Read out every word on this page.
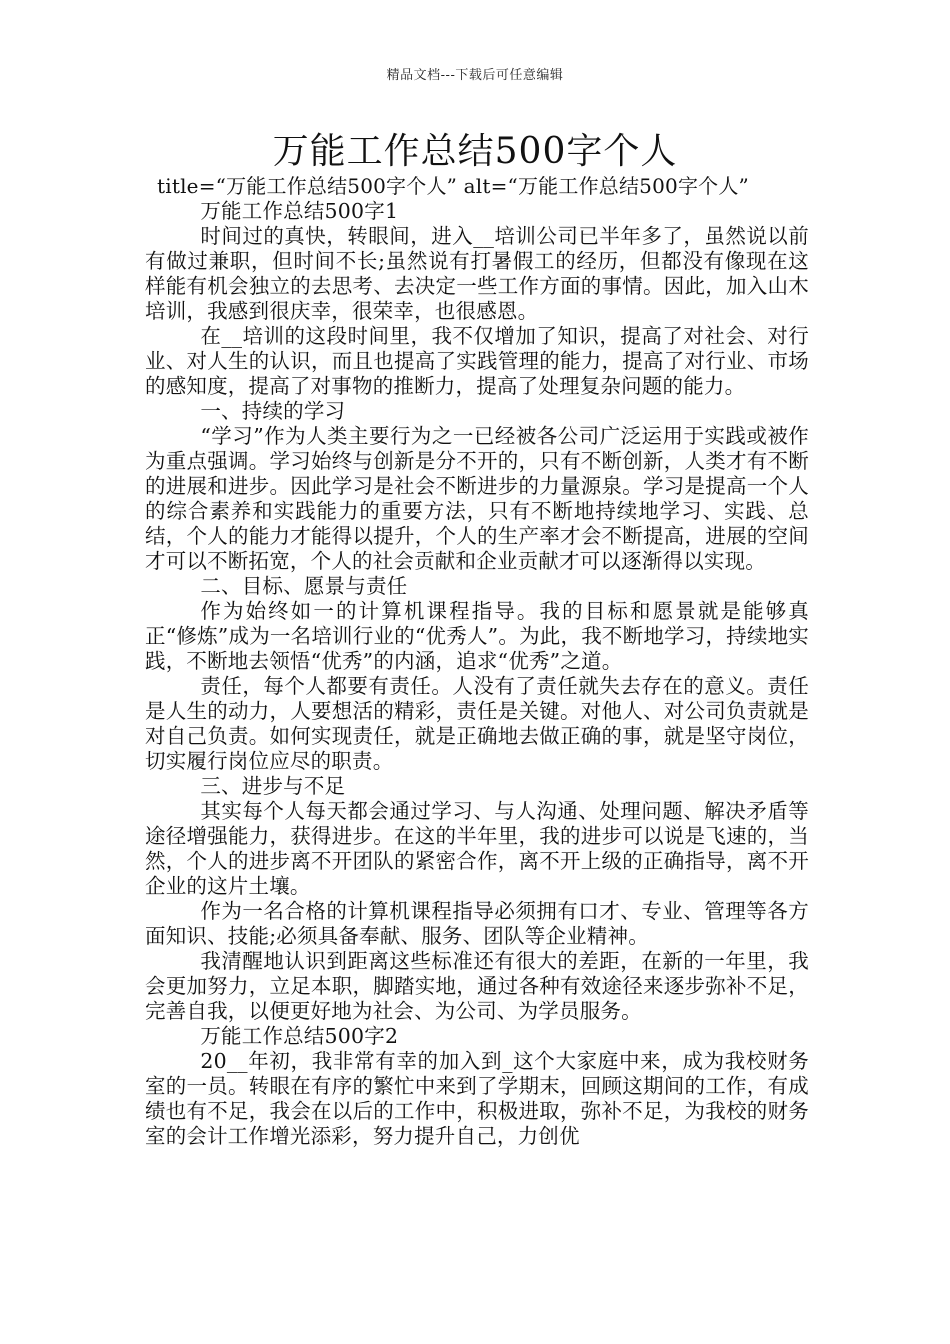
精品文档---下载后可任意编辑
万能工作总结500字个人

title=“万能工作总结500字个人” alt=“万能工作总结500字个人”

万能工作总结500字1

时间过的真快，转眼间，进入__培训公司已半年多了，虽然说以前有做过兼职，但时间不长;虽然说有打暑假工的经历，但都没有像现在这样能有机会独立的去思考、去决定一些工作方面的事情。因此，加入山木培训，我感到很庆幸，很荣幸，也很感恩。

在__培训的这段时间里，我不仅增加了知识，提高了对社会、对行业、对人生的认识，而且也提高了实践管理的能力，提高了对行业、市场的感知度，提高了对事物的推断力，提高了处理复杂问题的能力。

一、持续的学习

“学习”作为人类主要行为之一已经被各公司广泛运用于实践或被作为重点强调。学习始终与创新是分不开的，只有不断创新，人类才有不断的进展和进步。因此学习是社会不断进步的力量源泉。学习是提高一个人的综合素养和实践能力的重要方法，只有不断地持续地学习、实践、总结，个人的能力才能得以提升，个人的生产率才会不断提高，进展的空间才可以不断拓宽，个人的社会贡献和企业贡献才可以逐渐得以实现。

二、目标、愿景与责任

作为始终如一的计算机课程指导。我的目标和愿景就是能够真正“修炼”成为一名培训行业的“优秀人”。为此，我不断地学习，持续地实践，不断地去领悟“优秀”的内涵，追求“优秀”之道。

责任，每个人都要有责任。人没有了责任就失去存在的意义。责任是人生的动力，人要想活的精彩，责任是关键。对他人、对公司负责就是对自己负责。如何实现责任，就是正确地去做正确的事，就是坚守岗位，切实履行岗位应尽的职责。

三、进步与不足

其实每个人每天都会通过学习、与人沟通、处理问题、解决矛盾等途径增强能力，获得进步。在这的半年里，我的进步可以说是飞速的，当然，个人的进步离不开团队的紧密合作，离不开上级的正确指导，离不开企业的这片土壤。

作为一名合格的计算机课程指导必须拥有口才、专业、管理等各方面知识、技能;必须具备奉献、服务、团队等企业精神。

我清醒地认识到距离这些标准还有很大的差距，在新的一年里，我会更加努力，立足本职，脚踏实地，通过各种有效途径来逐步弥补不足，完善自我，以便更好地为社会、为公司、为学员服务。

万能工作总结500字2

20__年初，我非常有幸的加入到_这个大家庭中来，成为我校财务室的一员。转眼在有序的繁忙中来到了学期末，回顾这期间的工作，有成绩也有不足，我会在以后的工作中，积极进取，弥补不足，为我校的财务室的会计工作增光添彩，努力提升自己，力创优
